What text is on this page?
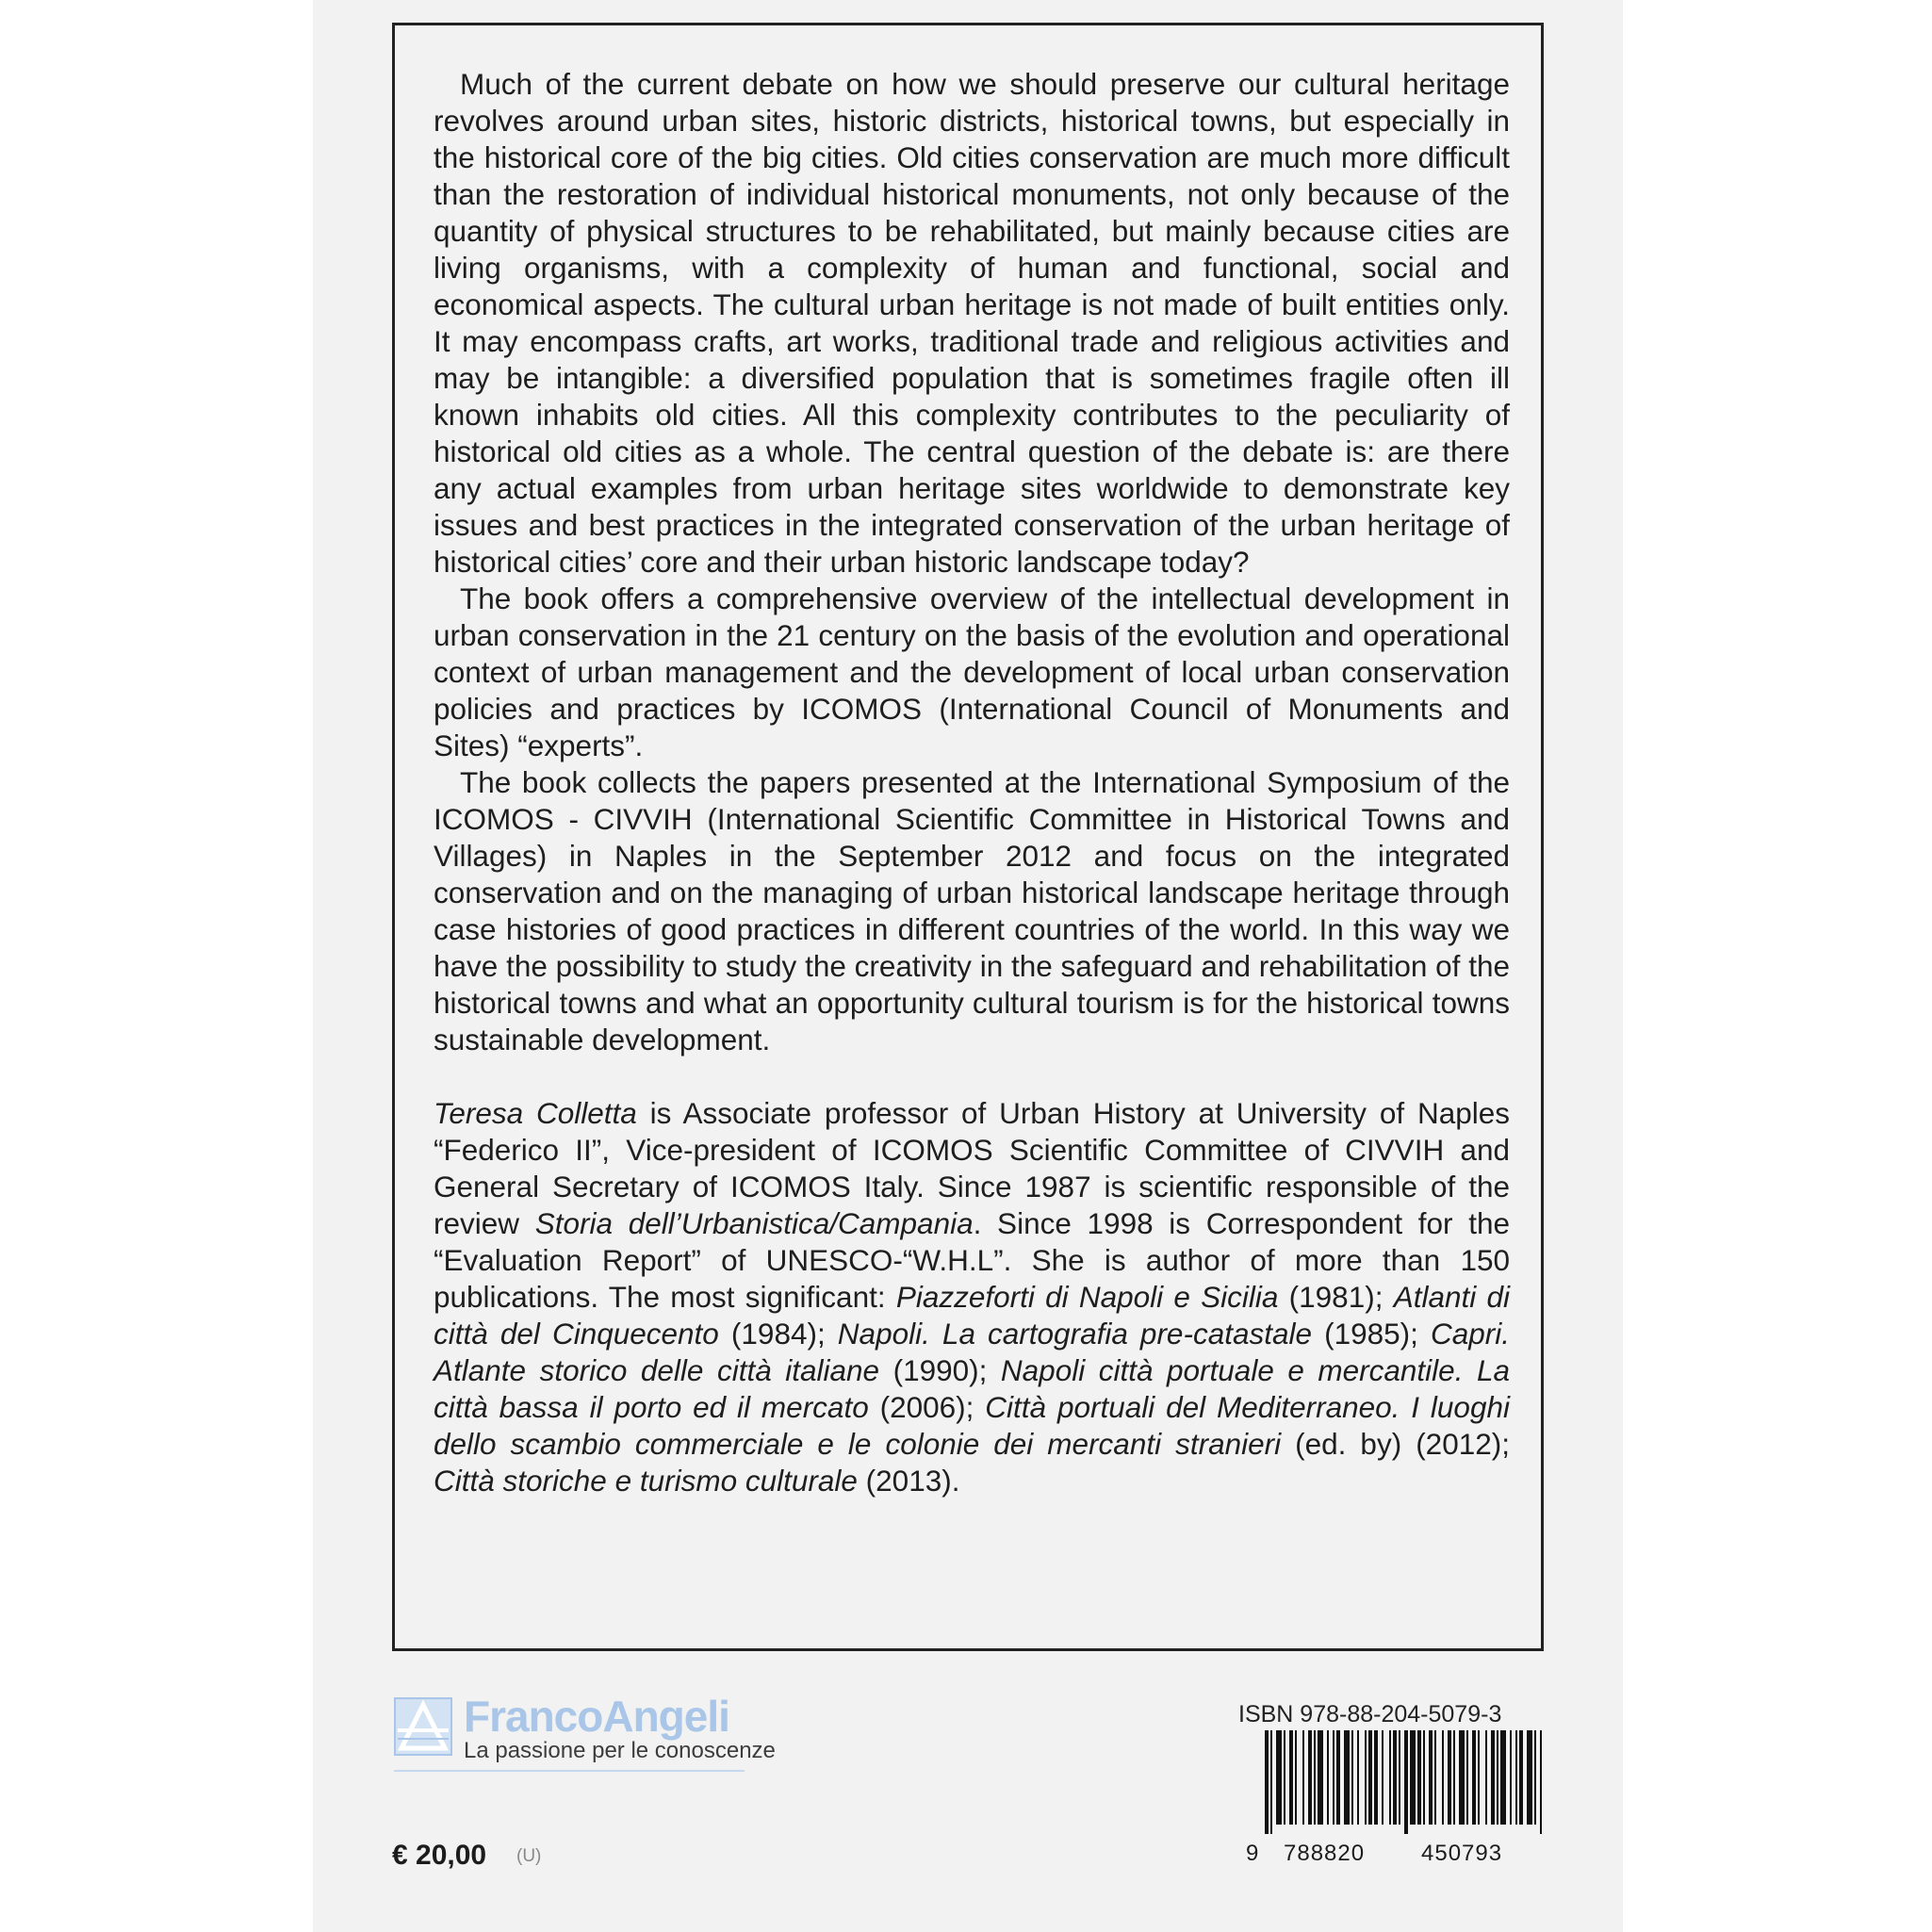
Much of the current debate on how we should preserve our cultural heritage revolves around urban sites, historic districts, historical towns, but especially in the historical core of the big cities. Old cities conservation are much more difficult than the restoration of individual historical monuments, not only because of the quantity of physical structures to be rehabilitated, but mainly because cities are living organisms, with a complexity of human and functional, social and economical aspects. The cultural urban heritage is not made of built entities only. It may encompass crafts, art works, traditional trade and religious activities and may be intangible: a diversified population that is sometimes fragile often ill known inhabits old cities. All this complexity contributes to the peculiarity of historical old cities as a whole. The central question of the debate is: are there any actual examples from urban heritage sites worldwide to demonstrate key issues and best practices in the integrated conservation of the urban heritage of historical cities’ core and their urban historic landscape today?

The book offers a comprehensive overview of the intellectual development in urban conservation in the 21 century on the basis of the evolution and operational context of urban management and the development of local urban conservation policies and practices by ICOMOS (International Council of Monuments and Sites) “experts”.

The book collects the papers presented at the International Symposium of the ICOMOS - CIVVIH (International Scientific Committee in Historical Towns and Villages) in Naples in the September 2012 and focus on the integrated conservation and on the managing of urban historical landscape heritage through case histories of good practices in different countries of the world. In this way we have the possibility to study the creativity in the safeguard and rehabilitation of the historical towns and what an opportunity cultural tourism is for the historical towns sustainable development.

Teresa Colletta is Associate professor of Urban History at University of Naples “Federico II”, Vice-president of ICOMOS Scientific Committee of CIVVIH and General Secretary of ICOMOS Italy. Since 1987 is scientific responsible of the review Storia dell’Urbanistica/Campania. Since 1998 is Correspondent for the “Evaluation Report” of UNESCO-“W.H.L”. She is author of more than 150 publications. The most significant: Piazzeforti di Napoli e Sicilia (1981); Atlanti di città del Cinquecento (1984); Napoli. La cartografia pre-catastale (1985); Capri. Atlante storico delle città italiane (1990); Napoli città portuale e mercantile. La città bassa il porto ed il mercato (2006); Città portuali del Mediterraneo. I luoghi dello scambio commerciale e le colonie dei mercanti stranieri (ed. by) (2012); Città storiche e turismo culturale (2013).

FrancoAngeli
La passione per le conoscenze
€ 20,00 (U)
ISBN 978-88-204-5079-3
9 788820 450793
